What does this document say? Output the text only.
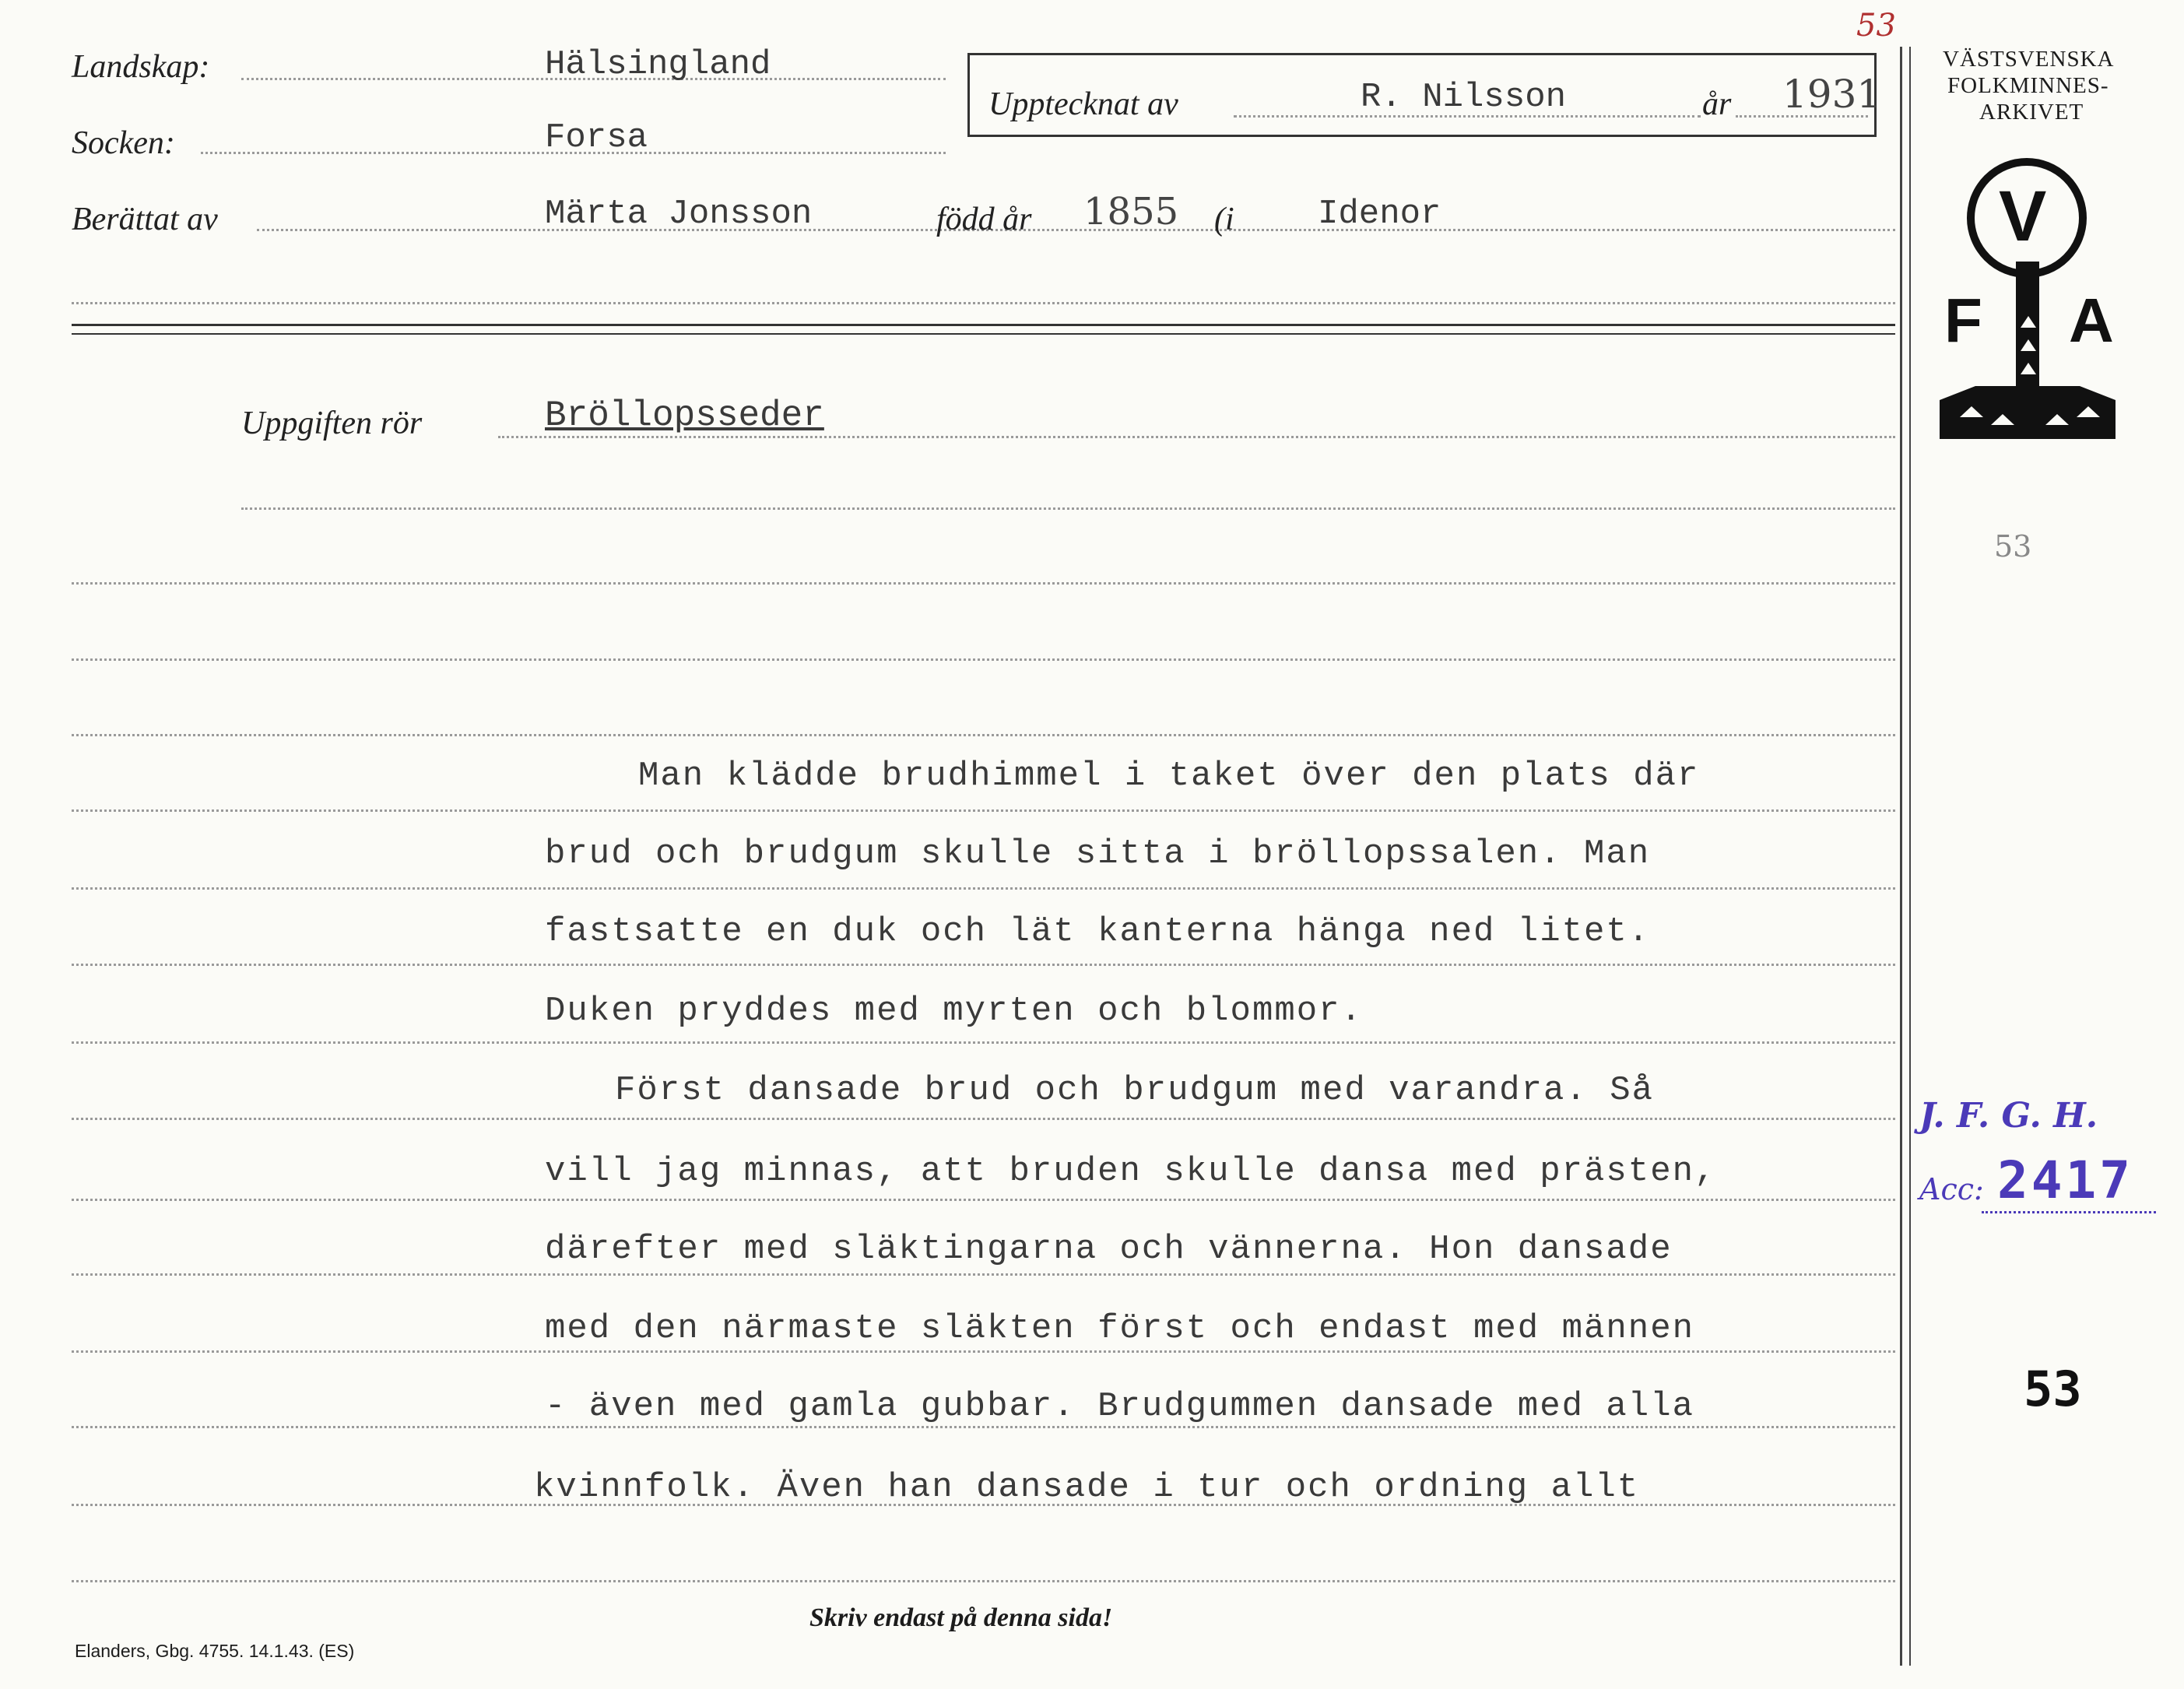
Landskap:	Hälsingland
Socken:	Forsa
Berättat av	Märta Jonsson	född år 1855 (i Idenor
Upptecknat av	R. Nilsson	år 1931
53
Uppgiften rör	Bröllopsseder
Man klädde brudhimmel i taket över den plats där
brud och brudgum skulle sitta i bröllopssalen. Man
fastsatte en duk och lät kanterna hänga ned litet.
Duken pryddes med myrten och blommor.
Först dansade brud och brudgum med varandra. Så
vill jag minnas, att bruden skulle dansa med prästen,
därefter med släktingarna och vännerna. Hon dansade
med den närmaste släkten först och endast med männen
- även med gamla gubbar. Brudgummen dansade med alla
kvinnfolk. Även han dansade i tur och ordning allt
Skriv endast på denna sida!
Elanders, Gbg. 4755. 14.1.43. (ES)
VÄSTSVENSKA
FOLKMINNES-
ARKIVET
V
F A
53
J. F. G. H.
Acc: 2417
53
